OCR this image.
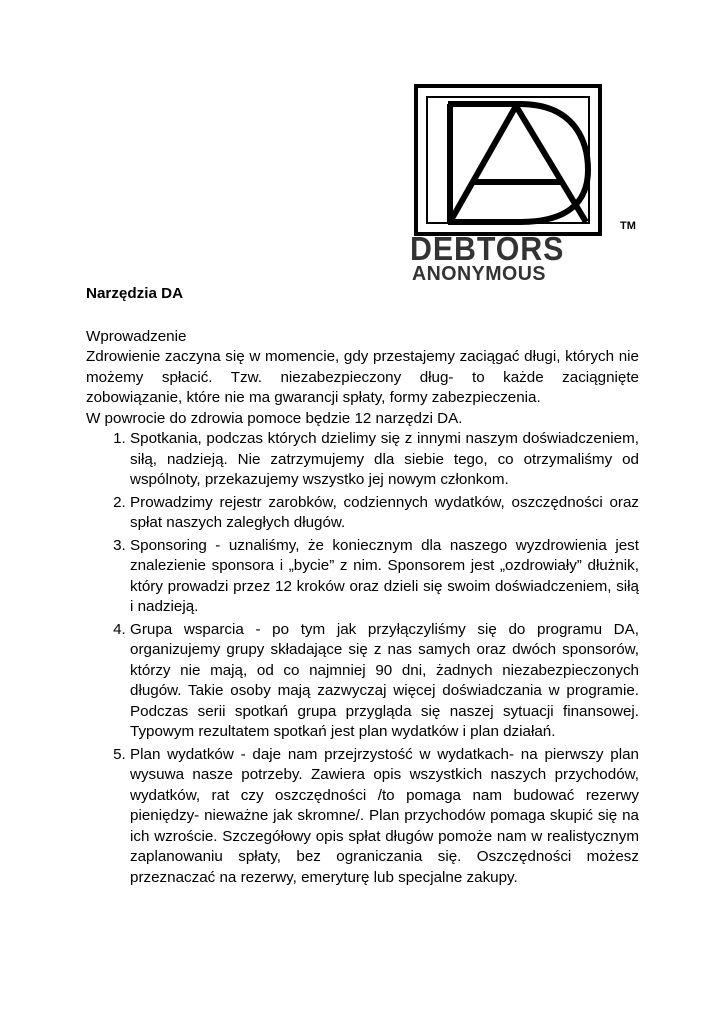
TM
DEBTORS
ANONYMOUS

Narzędzia DA

Wprowadzenie

Zdrowienie zaczyna się w momencie, gdy przestajemy zaciągać długi, których nie możemy spłacić. Tzw. niezabezpieczony dług- to każde zaciągnięte zobowiązanie, które nie ma gwarancji spłaty, formy zabezpieczenia.

W powrocie do zdrowia pomoce będzie 12 narzędzi DA.

1. Spotkania, podczas których dzielimy się z innymi naszym doświadczeniem, siłą, nadzieją. Nie zatrzymujemy dla siebie tego, co otrzymaliśmy od wspólnoty, przekazujemy wszystko jej nowym członkom.
2. Prowadzimy rejestr zarobków, codziennych wydatków, oszczędności oraz spłat naszych zaległych długów.
3. Sponsoring - uznaliśmy, że koniecznym dla naszego wyzdrowienia jest znalezienie sponsora i „bycie” z nim. Sponsorem jest „ozdrowiały” dłużnik, który prowadzi przez 12 kroków oraz dzieli się swoim doświadczeniem, siłą i nadzieją.
4. Grupa wsparcia - po tym jak przyłączyliśmy się do programu DA, organizujemy grupy składające się z nas samych oraz dwóch sponsorów, którzy nie mają, od co najmniej 90 dni, żadnych niezabezpieczonych długów. Takie osoby mają zazwyczaj więcej doświadczania w programie. Podczas serii spotkań grupa przygląda się naszej sytuacji finansowej. Typowym rezultatem spotkań jest plan wydatków i plan działań.
5. Plan wydatków - daje nam przejrzystość w wydatkach- na pierwszy plan wysuwa nasze potrzeby. Zawiera opis wszystkich naszych przychodów, wydatków, rat czy oszczędności /to pomaga nam budować rezerwy pieniędzy- nieważne jak skromne/. Plan przychodów pomaga skupić się na ich wzroście. Szczegółowy opis spłat długów pomoże nam w realistycznym zaplanowaniu spłaty, bez ograniczania się. Oszczędności możesz przeznaczać na rezerwy, emeryturę lub specjalne zakupy.
